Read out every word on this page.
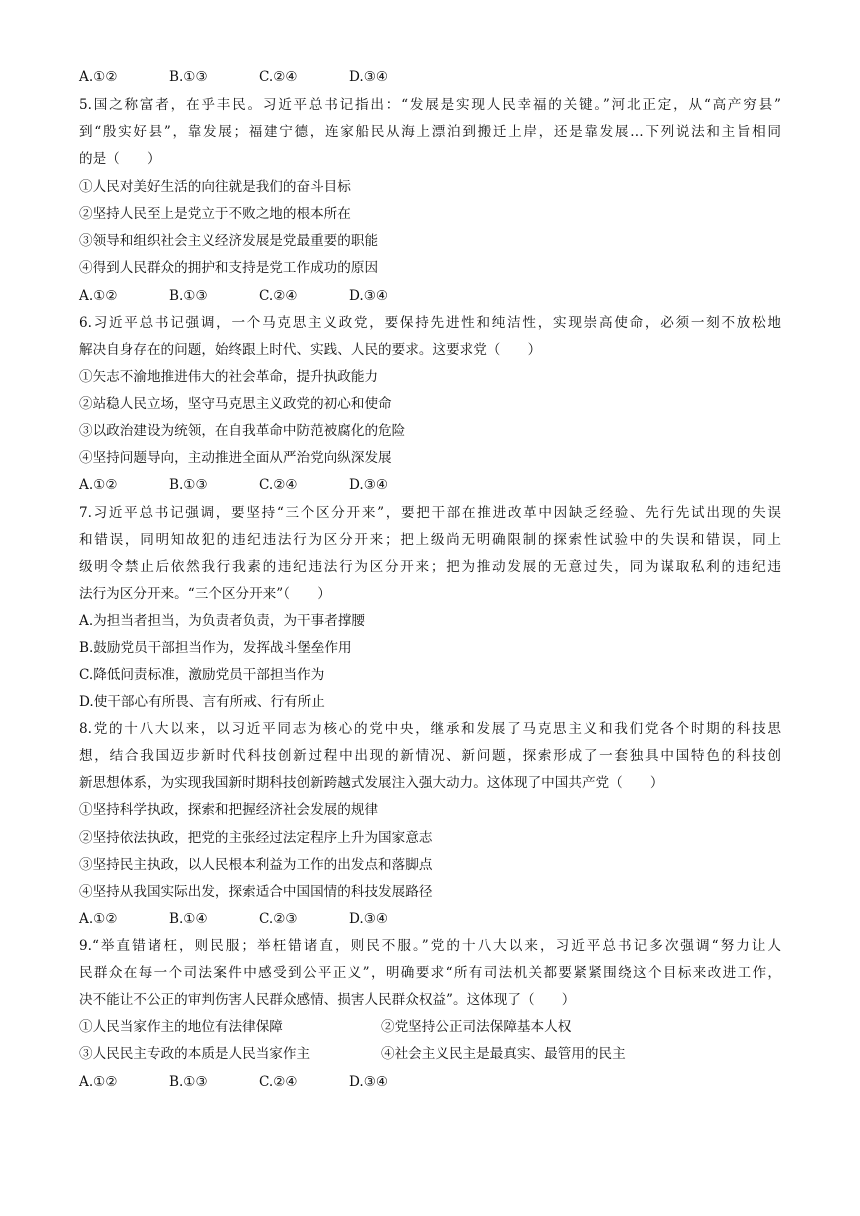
A.①②	B.①③	C.②④	D.③④
5.国之称富者，在乎丰民。习近平总书记指出：“发展是实现人民幸福的关键。”河北正定，从“高产穷县”
到“殷实好县”，靠发展；福建宁德，连家船民从海上漂泊到搬迁上岸，还是靠发展…下列说法和主旨相同
的是（　　）
①人民对美好生活的向往就是我们的奋斗目标
②坚持人民至上是党立于不败之地的根本所在
③领导和组织社会主义经济发展是党最重要的职能
④得到人民群众的拥护和支持是党工作成功的原因
A.①②	B.①③	C.②④	D.③④
6.习近平总书记强调，一个马克思主义政党，要保持先进性和纯洁性，实现崇高使命，必须一刻不放松地
解决自身存在的问题，始终跟上时代、实践、人民的要求。这要求党（　　）
①矢志不渝地推进伟大的社会革命，提升执政能力
②站稳人民立场，坚守马克思主义政党的初心和使命
③以政治建设为统领，在自我革命中防范被腐化的危险
④坚持问题导向，主动推进全面从严治党向纵深发展
A.①②	B.①③	C.②④	D.③④
7.习近平总书记强调，要坚持“三个区分开来”，要把干部在推进改革中因缺乏经验、先行先试出现的失误
和错误，同明知故犯的违纪违法行为区分开来；把上级尚无明确限制的探索性试验中的失误和错误，同上
级明令禁止后依然我行我素的违纪违法行为区分开来；把为推动发展的无意过失，同为谋取私利的违纪违
法行为区分开来。“三个区分开来”（　　）
A.为担当者担当，为负责者负责，为干事者撑腰
B.鼓励党员干部担当作为，发挥战斗堡垒作用
C.降低问责标准，激励党员干部担当作为
D.使干部心有所畏、言有所戒、行有所止
8.党的十八大以来，以习近平同志为核心的党中央，继承和发展了马克思主义和我们党各个时期的科技思
想，结合我国迈步新时代科技创新过程中出现的新情况、新问题，探索形成了一套独具中国特色的科技创
新思想体系，为实现我国新时期科技创新跨越式发展注入强大动力。这体现了中国共产党（　　）
①坚持科学执政，探索和把握经济社会发展的规律
②坚持依法执政，把党的主张经过法定程序上升为国家意志
③坚持民主执政，以人民根本利益为工作的出发点和落脚点
④坚持从我国实际出发，探索适合中国国情的科技发展路径
A.①②	B.①④	C.②③	D.③④
9.“举直错诸枉，则民服；举枉错诸直，则民不服。”党的十八大以来，习近平总书记多次强调“努力让人
民群众在每一个司法案件中感受到公平正义”，明确要求“所有司法机关都要紧紧围绕这个目标来改进工作，
决不能让不公正的审判伤害人民群众感情、损害人民群众权益”。这体现了（　　）
①人民当家作主的地位有法律保障	②党坚持公正司法保障基本人权
③人民民主专政的本质是人民当家作主	④社会主义民主是最真实、最管用的民主
A.①②	B.①③	C.②④	D.③④
